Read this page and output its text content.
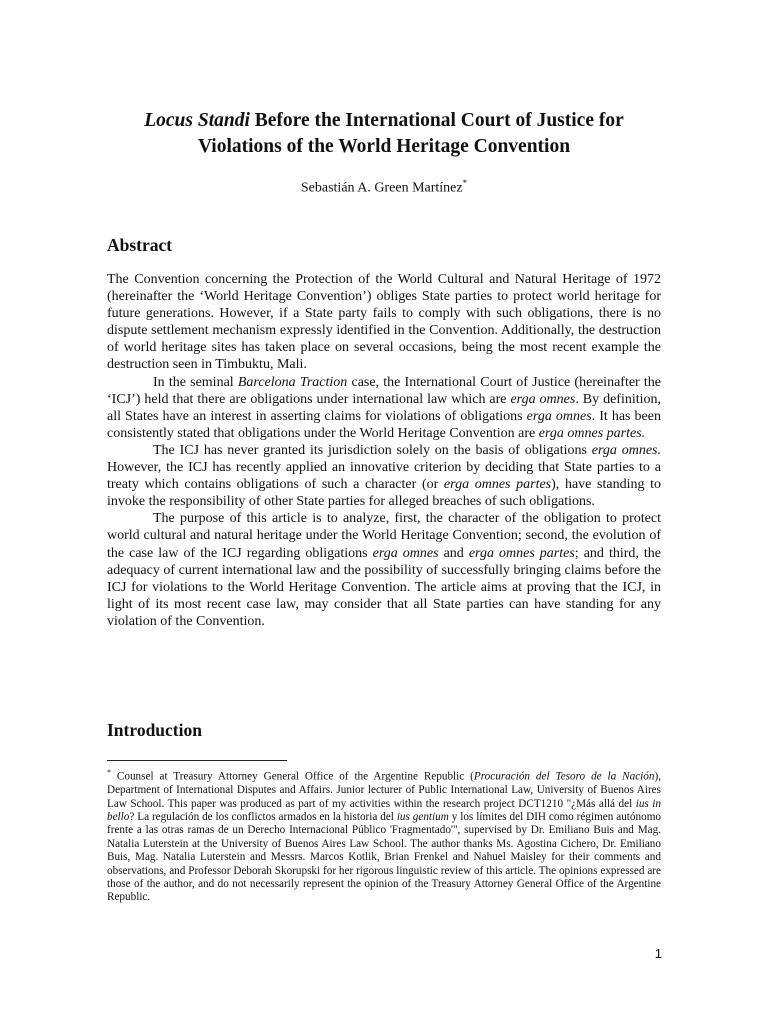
Locus Standi Before the International Court of Justice for
Violations of the World Heritage Convention
Sebastián A. Green Martínez*
Abstract

The Convention concerning the Protection of the World Cultural and Natural Heritage of 1972 (hereinafter the ‘World Heritage Convention’) obliges State parties to protect world heritage for future generations. However, if a State party fails to comply with such obligations, there is no dispute settlement mechanism expressly identified in the Convention. Additionally, the destruction of world heritage sites has taken place on several occasions, being the most recent example the destruction seen in Timbuktu, Mali.

In the seminal Barcelona Traction case, the International Court of Justice (hereinafter the ‘ICJ’) held that there are obligations under international law which are erga omnes. By definition, all States have an interest in asserting claims for violations of obligations erga omnes. It has been consistently stated that obligations under the World Heritage Convention are erga omnes partes.

The ICJ has never granted its jurisdiction solely on the basis of obligations erga omnes. However, the ICJ has recently applied an innovative criterion by deciding that State parties to a treaty which contains obligations of such a character (or erga omnes partes), have standing to invoke the responsibility of other State parties for alleged breaches of such obligations.

The purpose of this article is to analyze, first, the character of the obligation to protect world cultural and natural heritage under the World Heritage Convention; second, the evolution of the case law of the ICJ regarding obligations erga omnes and erga omnes partes; and third, the adequacy of current international law and the possibility of successfully bringing claims before the ICJ for violations to the World Heritage Convention. The article aims at proving that the ICJ, in light of its most recent case law, may consider that all State parties can have standing for any violation of the Convention.

Introduction
* Counsel at Treasury Attorney General Office of the Argentine Republic (Procuración del Tesoro de la Nación), Department of International Disputes and Affairs. Junior lecturer of Public International Law, University of Buenos Aires Law School. This paper was produced as part of my activities within the research project DCT1210 "¿Más allá del ius in bello? La regulación de los conflictos armados en la historia del ius gentium y los límites del DIH como régimen autónomo frente a las otras ramas de un Derecho Internacional Público 'Fragmentado'", supervised by Dr. Emiliano Buis and Mag. Natalia Luterstein at the University of Buenos Aires Law School. The author thanks Ms. Agostina Cichero, Dr. Emiliano Buis, Mag. Natalia Luterstein and Messrs. Marcos Kotlik, Brian Frenkel and Nahuel Maisley for their comments and observations, and Professor Deborah Skorupski for her rigorous linguistic review of this article. The opinions expressed are those of the author, and do not necessarily represent the opinion of the Treasury Attorney General Office of the Argentine Republic.
1
